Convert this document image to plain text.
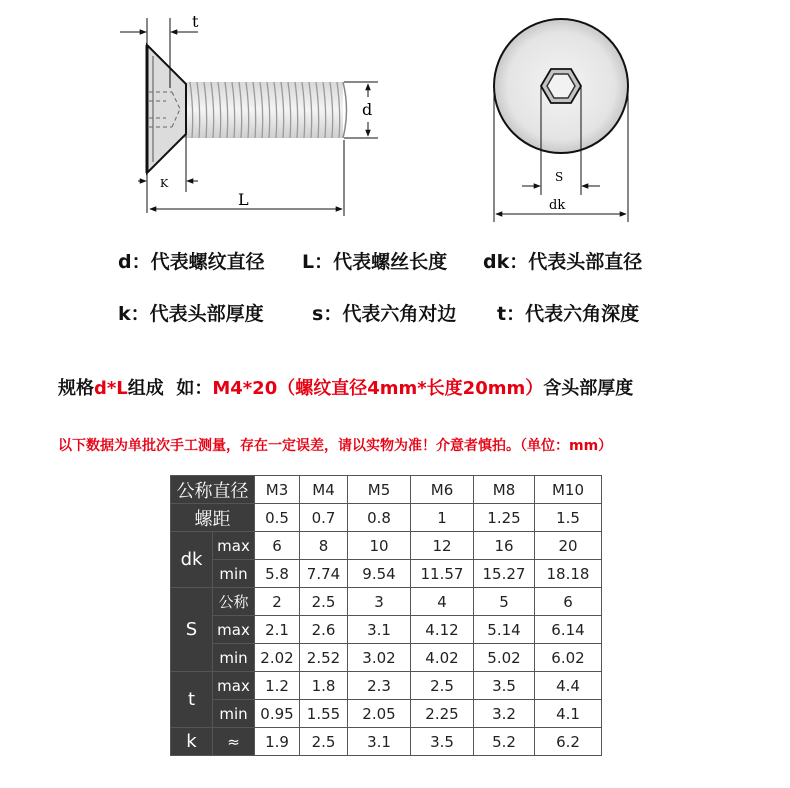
t
d
K
L
S
dk
d：代表螺纹直径 L：代表螺丝长度 dk：代表头部直径
k：代表头部厚度	s：代表六角对边 t：代表六角深度
规格d*L组成  如：M4*20（螺纹直径4mm*长度20mm）含头部厚度
以下数据为单批次手工测量，存在一定误差，请以实物为准！介意者慎拍。（单位：mm）
公称直径		M3	M4	M5	M6	M8	M10
螺距		0.5	0.7	0.8	1	1.25	1.5
dk	max	6	8	10	12	16	20
	min	5.8	7.74	9.54	11.57	15.27	18.18
S	公称	2	2.5	3	4	5	6
	max	2.1	2.6	3.1	4.12	5.14	6.14
	min	2.02	2.52	3.02	4.02	5.02	6.02
t	max	1.2	1.8	2.3	2.5	3.5	4.4
	min	0.95	1.55	2.05	2.25	3.2	4.1
k	≈	1.9	2.5	3.1	3.5	5.2	6.2
